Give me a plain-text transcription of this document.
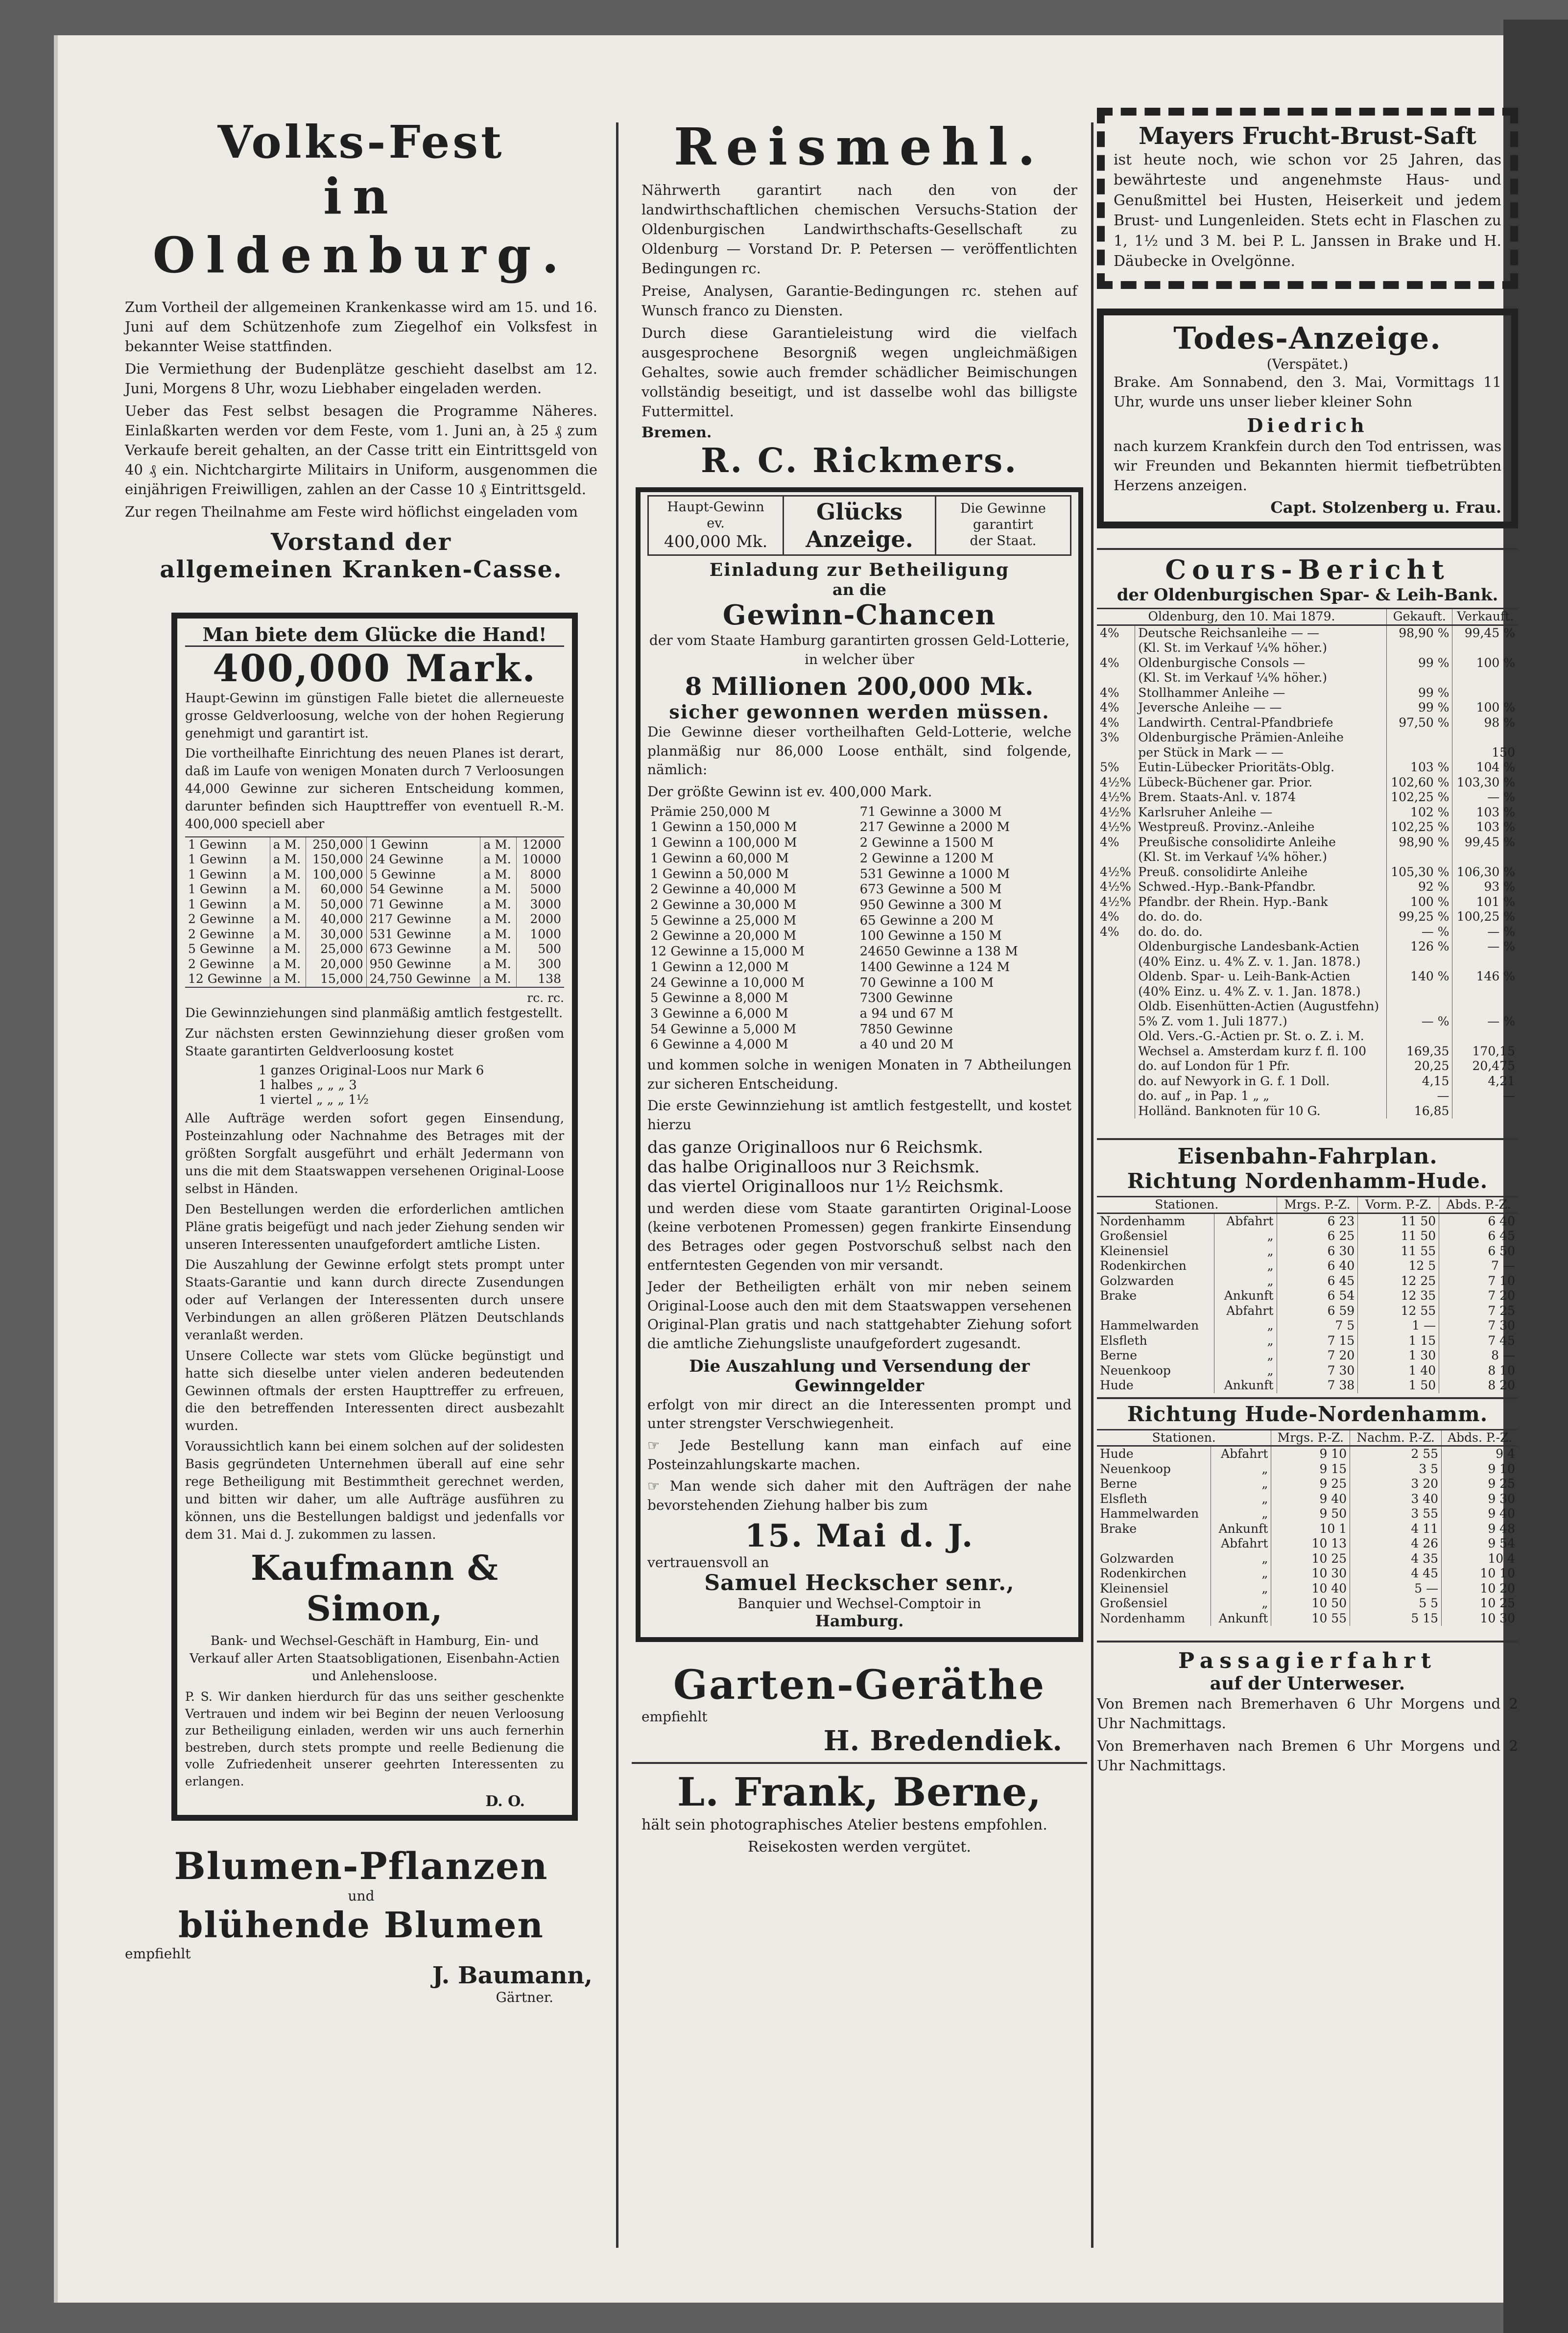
Volks-Fest
in Oldenburg.

Zum Vortheil der allgemeinen Krankenkasse wird am 15. und 16. Juni auf dem Schützenhofe zum Ziegelhof ein Volksfest in bekannter Weise stattfinden.

Die Vermiethung der Budenplätze geschieht daselbst am 12. Juni, Morgens 8 Uhr, wozu Liebhaber eingeladen werden.

Ueber das Fest selbst besagen die Programme Näheres. Einlaßkarten werden vor dem Feste, vom 1. Juni an, à 25 ₰ zum Verkaufe bereit gehalten, an der Casse tritt ein Eintrittsgeld von 40 ₰ ein. Nichtchargirte Militairs in Uniform, ausgenommen die einjährigen Freiwilligen, zahlen an der Casse 10 ₰ Eintrittsgeld.

Zur regen Theilnahme am Feste wird höflichst eingeladen vom

Vorstand der
allgemeinen Kranken-Casse.
Man biete dem Glücke die Hand!
400,000 Mark.

Haupt-Gewinn im günstigen Falle bietet die allerneueste grosse Geldverloosung, welche von der hohen Regierung genehmigt und garantirt ist.

Die vortheilhafte Einrichtung des neuen Planes ist derart, daß im Laufe von wenigen Monaten durch 7 Verloosungen 44,000 Gewinne zur sicheren Entscheidung kommen, darunter befinden sich Haupttreffer von eventuell R.-M. 400,000 speciell aber

1 Gewinn	a M.	250,000	1 Gewinn	a M.	12000
1 Gewinn	a M.	150,000	24 Gewinne	a M.	10000
1 Gewinn	a M.	100,000	5 Gewinne	a M.	8000
1 Gewinn	a M.	60,000	54 Gewinne	a M.	5000
1 Gewinn	a M.	50,000	71 Gewinne	a M.	3000
2 Gewinne	a M.	40,000	217 Gewinne	a M.	2000
2 Gewinne	a M.	30,000	531 Gewinne	a M.	1000
5 Gewinne	a M.	25,000	673 Gewinne	a M.	500
2 Gewinne	a M.	20,000	950 Gewinne	a M.	300
12 Gewinne	a M.	15,000	24,750 Gewinne	a M.	138
rc. rc.

Die Gewinnziehungen sind planmäßig amtlich festgestellt.

Zur nächsten ersten Gewinnziehung dieser großen vom Staate garantirten Geldverloosung kostet

1 ganzes Original-Loos nur Mark 6
1 halbes „ „ „ 3
1 viertel „ „ „ 1½

Alle Aufträge werden sofort gegen Einsendung, Posteinzahlung oder Nachnahme des Betrages mit der größten Sorgfalt ausgeführt und erhält Jedermann von uns die mit dem Staatswappen versehenen Original-Loose selbst in Händen.

Den Bestellungen werden die erforderlichen amtlichen Pläne gratis beigefügt und nach jeder Ziehung senden wir unseren Interessenten unaufgefordert amtliche Listen.

Die Auszahlung der Gewinne erfolgt stets prompt unter Staats-Garantie und kann durch directe Zusendungen oder auf Verlangen der Interessenten durch unsere Verbindungen an allen größeren Plätzen Deutschlands veranlaßt werden.

Unsere Collecte war stets vom Glücke begünstigt und hatte sich dieselbe unter vielen anderen bedeutenden Gewinnen oftmals der ersten Haupttreffer zu erfreuen, die den betreffenden Interessenten direct ausbezahlt wurden.

Voraussichtlich kann bei einem solchen auf der solidesten Basis gegründeten Unternehmen überall auf eine sehr rege Betheiligung mit Bestimmtheit gerechnet werden, und bitten wir daher, um alle Aufträge ausführen zu können, uns die Bestellungen baldigst und jedenfalls vor dem 31. Mai d. J. zukommen zu lassen.

Kaufmann & Simon,

Bank- und Wechsel-Geschäft in Hamburg, Ein- und Verkauf aller Arten Staatsobligationen, Eisenbahn-Actien und Anlehensloose.

P. S. Wir danken hierdurch für das uns seither geschenkte Vertrauen und indem wir bei Beginn der neuen Verloosung zur Betheiligung einladen, werden wir uns auch fernerhin bestreben, durch stets prompte und reelle Bedienung die volle Zufriedenheit unserer geehrten Interessenten zu erlangen.

D. O.
Blumen-Pflanzen
und
blühende Blumen
empfiehlt
J. Baumann,
Gärtner.
Reismehl.

Nährwerth garantirt nach den von der landwirthschaftlichen chemischen Versuchs-Station der Oldenburgischen Landwirthschafts-Gesellschaft zu Oldenburg — Vorstand Dr. P. Petersen — veröffentlichten Bedingungen rc.

Preise, Analysen, Garantie-Bedingungen rc. stehen auf Wunsch franco zu Diensten.

Durch diese Garantieleistung wird die vielfach ausgesprochene Besorgniß wegen ungleichmäßigen Gehaltes, sowie auch fremder schädlicher Beimischungen vollständig beseitigt, und ist dasselbe wohl das billigste Futtermittel.

Bremen.
R. C. Rickmers.
Haupt-Gewinn
ev.
400,000 Mk.

Glücks
Anzeige.

Die Gewinne
garantirt
der Staat.
Einladung zur Betheiligung
an die
Gewinn-Chancen

der vom Staate Hamburg garantirten grossen Geld-Lotterie, in welcher über

8 Millionen 200,000 Mk.
sicher gewonnen werden müssen.

Die Gewinne dieser vortheilhaften Geld-Lotterie, welche planmäßig nur 86,000 Loose enthält, sind folgende, nämlich:

Der größte Gewinn ist ev. 400,000 Mark.

Prämie 250,000 M	71 Gewinne a 3000 M
1 Gewinn a 150,000 M	217 Gewinne a 2000 M
1 Gewinn a 100,000 M	2 Gewinne a 1500 M
1 Gewinn a 60,000 M	2 Gewinne a 1200 M
1 Gewinn a 50,000 M	531 Gewinne a 1000 M
2 Gewinne a 40,000 M	673 Gewinne a 500 M
2 Gewinne a 30,000 M	950 Gewinne a 300 M
5 Gewinne a 25,000 M	65 Gewinne a 200 M
2 Gewinne a 20,000 M	100 Gewinne a 150 M
12 Gewinne a 15,000 M	24650 Gewinne a 138 M
1 Gewinn a 12,000 M	1400 Gewinne a 124 M
24 Gewinne a 10,000 M	70 Gewinne a 100 M
5 Gewinne a 8,000 M	7300 Gewinne
3 Gewinne a 6,000 M	a 94 und 67 M
54 Gewinne a 5,000 M	7850 Gewinne
6 Gewinne a 4,000 M	a 40 und 20 M

und kommen solche in wenigen Monaten in 7 Abtheilungen zur sicheren Entscheidung.

Die erste Gewinnziehung ist amtlich festgestellt, und kostet hierzu

das ganze Originalloos nur 6 Reichsmk.
das halbe Originalloos nur 3 Reichsmk.
das viertel Originalloos nur 1½ Reichsmk.

und werden diese vom Staate garantirten Original-Loose (keine verbotenen Promessen) gegen frankirte Einsendung des Betrages oder gegen Postvorschuß selbst nach den entferntesten Gegenden von mir versandt.

Jeder der Betheiligten erhält von mir neben seinem Original-Loose auch den mit dem Staatswappen versehenen Original-Plan gratis und nach stattgehabter Ziehung sofort die amtliche Ziehungsliste unaufgefordert zugesandt.

Die Auszahlung und Versendung der Gewinngelder

erfolgt von mir direct an die Interessenten prompt und unter strengster Verschwiegenheit.

☞ Jede Bestellung kann man einfach auf eine Posteinzahlungskarte machen.

☞ Man wende sich daher mit den Aufträgen der nahe bevorstehenden Ziehung halber bis zum

15. Mai d. J.
vertrauensvoll an
Samuel Heckscher senr.,
Banquier und Wechsel-Comptoir in
Hamburg.
Garten-Geräthe
empfiehlt
H. Bredendiek.
L. Frank, Berne,

hält sein photographisches Atelier bestens empfohlen.

Reisekosten werden vergütet.
Mayers Frucht-Brust-Saft

ist heute noch, wie schon vor 25 Jahren, das bewährteste und angenehmste Haus- und Genußmittel bei Husten, Heiserkeit und jedem Brust- und Lungenleiden. Stets echt in Flaschen zu 1, 1½ und 3 M. bei P. L. Janssen in Brake und H. Däubecke in Ovelgönne.

Todes-Anzeige.
(Verspätet.)

Brake. Am Sonnabend, den 3. Mai, Vormittags 11 Uhr, wurde uns unser lieber kleiner Sohn

Diedrich

nach kurzem Krankfein durch den Tod entrissen, was wir Freunden und Bekannten hiermit tiefbetrübten Herzens anzeigen.

Capt. Stolzenberg u. Frau.
Cours-Bericht
der Oldenburgischen Spar- & Leih-Bank.
Oldenburg, den 10. Mai 1879.		Gekauft.	Verkauft.
4%	Deutsche Reichsanleihe — —	98,90 %	99,45 %
	(Kl. St. im Verkauf ¼% höher.)		
4%	Oldenburgische Consols —	99 %	100 %
	(Kl. St. im Verkauf ¼% höher.)		
4%	Stollhammer Anleihe —	99 %	
4%	Jeversche Anleihe — —	99 %	100 %
4%	Landwirth. Central-Pfandbriefe	97,50 %	98 %
3%	Oldenburgische Prämien-Anleihe		
	per Stück in Mark — —		150
5%	Eutin-Lübecker Prioritäts-Oblg.	103 %	104 %
4½%	Lübeck-Büchener gar. Prior.	102,60 %	103,30 %
4½%	Brem. Staats-Anl. v. 1874	102,25 %	— %
4½%	Karlsruher Anleihe —	102 %	103 %
4½%	Westpreuß. Provinz.-Anleihe	102,25 %	103 %
4%	Preußische consolidirte Anleihe	98,90 %	99,45 %
	(Kl. St. im Verkauf ¼% höher.)		
4½%	Preuß. consolidirte Anleihe	105,30 %	106,30 %
4½%	Schwed.-Hyp.-Bank-Pfandbr.	92 %	93 %
4½%	Pfandbr. der Rhein. Hyp.-Bank	100 %	101 %
4%	do. do. do.	99,25 %	100,25 %
4%	do. do. do.	— %	— %
	Oldenburgische Landesbank-Actien	126 %	— %
	(40% Einz. u. 4% Z. v. 1. Jan. 1878.)		
	Oldenb. Spar- u. Leih-Bank-Actien	140 %	146 %
	(40% Einz. u. 4% Z. v. 1. Jan. 1878.)		
	Oldb. Eisenhütten-Actien (Augustfehn)		
	5% Z. vom 1. Juli 1877.)	— %	— %
	Old. Vers.-G.-Actien pr. St. o. Z. i. M.		
	Wechsel a. Amsterdam kurz f. fl. 100	169,35	170,15
	do. auf London für 1 Pfr.	20,25	20,475
	do. auf Newyork in G. f. 1 Doll.	4,15	4,21
	do. auf „ in Pap. 1 „ „	—	—
	Holländ. Banknoten für 10 G.	16,85	
Eisenbahn-Fahrplan.
Richtung Nordenhamm-Hude.
Stationen.		Mrgs. P.-Z.	Vorm. P.-Z.	Abds. P.-Z.
Nordenhamm	Abfahrt	6 23	11 50	6 40
Großensiel	„	6 25	11 50	6 45
Kleinensiel	„	6 30	11 55	6 50
Rodenkirchen	„	6 40	12 5	7 —
Golzwarden	„	6 45	12 25	7 10
Brake	Ankunft	6 54	12 35	7 20
	Abfahrt	6 59	12 55	7 25
Hammelwarden	„	7 5	1 —	7 30
Elsfleth	„	7 15	1 15	7 45
Berne	„	7 20	1 30	8 —
Neuenkoop	„	7 30	1 40	8 10
Hude	Ankunft	7 38	1 50	8 20
Richtung Hude-Nordenhamm.
Stationen.		Mrgs. P.-Z.	Nachm. P.-Z.	Abds. P.-Z.
Hude	Abfahrt	9 10	2 55	9 4
Neuenkoop	„	9 15	3 5	9 10
Berne	„	9 25	3 20	9 25
Elsfleth	„	9 40	3 40	9 30
Hammelwarden	„	9 50	3 55	9 40
Brake	Ankunft	10 1	4 11	9 48
	Abfahrt	10 13	4 26	9 54
Golzwarden	„	10 25	4 35	10 4
Rodenkirchen	„	10 30	4 45	10 10
Kleinensiel	„	10 40	5 —	10 20
Großensiel	„	10 50	5 5	10 25
Nordenhamm	Ankunft	10 55	5 15	10 30
Passagierfahrt
auf der Unterweser.

Von Bremen nach Bremerhaven 6 Uhr Morgens und 2 Uhr Nachmittags.

Von Bremerhaven nach Bremen 6 Uhr Morgens und 2 Uhr Nachmittags.
